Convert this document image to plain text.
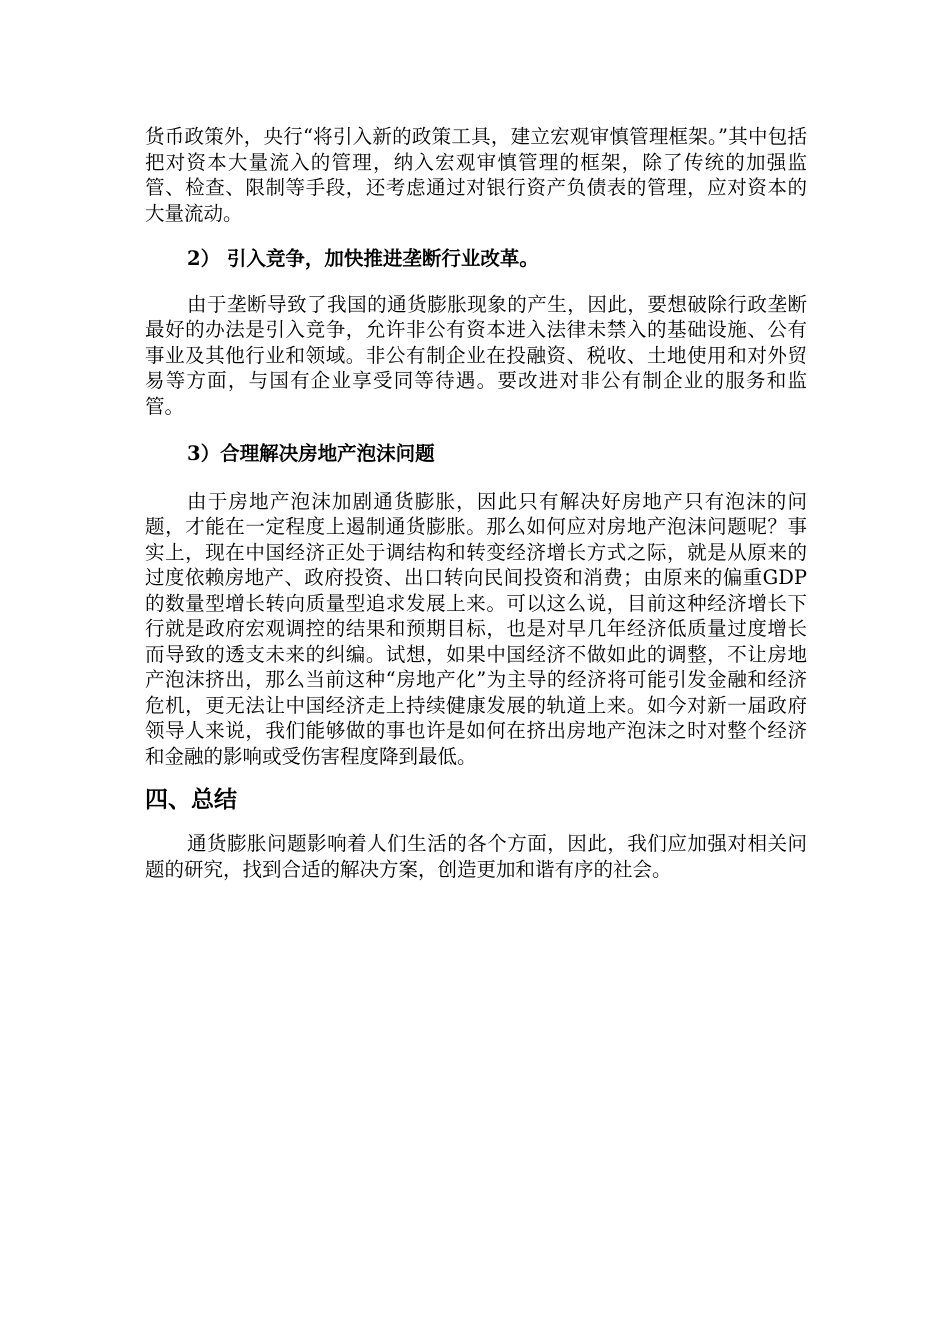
货币政策外，央行“将引入新的政策工具，建立宏观审慎管理框架。”其中包括把对资本大量流入的管理，纳入宏观审慎管理的框架，除了传统的加强监管、检查、限制等手段，还考虑通过对银行资产负债表的管理，应对资本的大量流动。

2） 引入竞争，加快推进垄断行业改革。

由于垄断导致了我国的通货膨胀现象的产生，因此，要想破除行政垄断最好的办法是引入竞争，允许非公有资本进入法律未禁入的基础设施、公有事业及其他行业和领域。非公有制企业在投融资、税收、土地使用和对外贸易等方面，与国有企业享受同等待遇。要改进对非公有制企业的服务和监管。

3）合理解决房地产泡沫问题

由于房地产泡沫加剧通货膨胀，因此只有解决好房地产只有泡沫的问题，才能在一定程度上遏制通货膨胀。那么如何应对房地产泡沫问题呢？事实上，现在中国经济正处于调结构和转变经济增长方式之际，就是从原来的过度依赖房地产、政府投资、出口转向民间投资和消费；由原来的偏重GDP的数量型增长转向质量型追求发展上来。可以这么说，目前这种经济增长下行就是政府宏观调控的结果和预期目标，也是对早几年经济低质量过度增长而导致的透支未来的纠编。试想，如果中国经济不做如此的调整，不让房地产泡沫挤出，那么当前这种“房地产化”为主导的经济将可能引发金融和经济危机，更无法让中国经济走上持续健康发展的轨道上来。如今对新一届政府领导人来说，我们能够做的事也许是如何在挤出房地产泡沫之时对整个经济和金融的影响或受伤害程度降到最低。

四、总结

通货膨胀问题影响着人们生活的各个方面，因此，我们应加强对相关问题的研究，找到合适的解决方案，创造更加和谐有序的社会。
